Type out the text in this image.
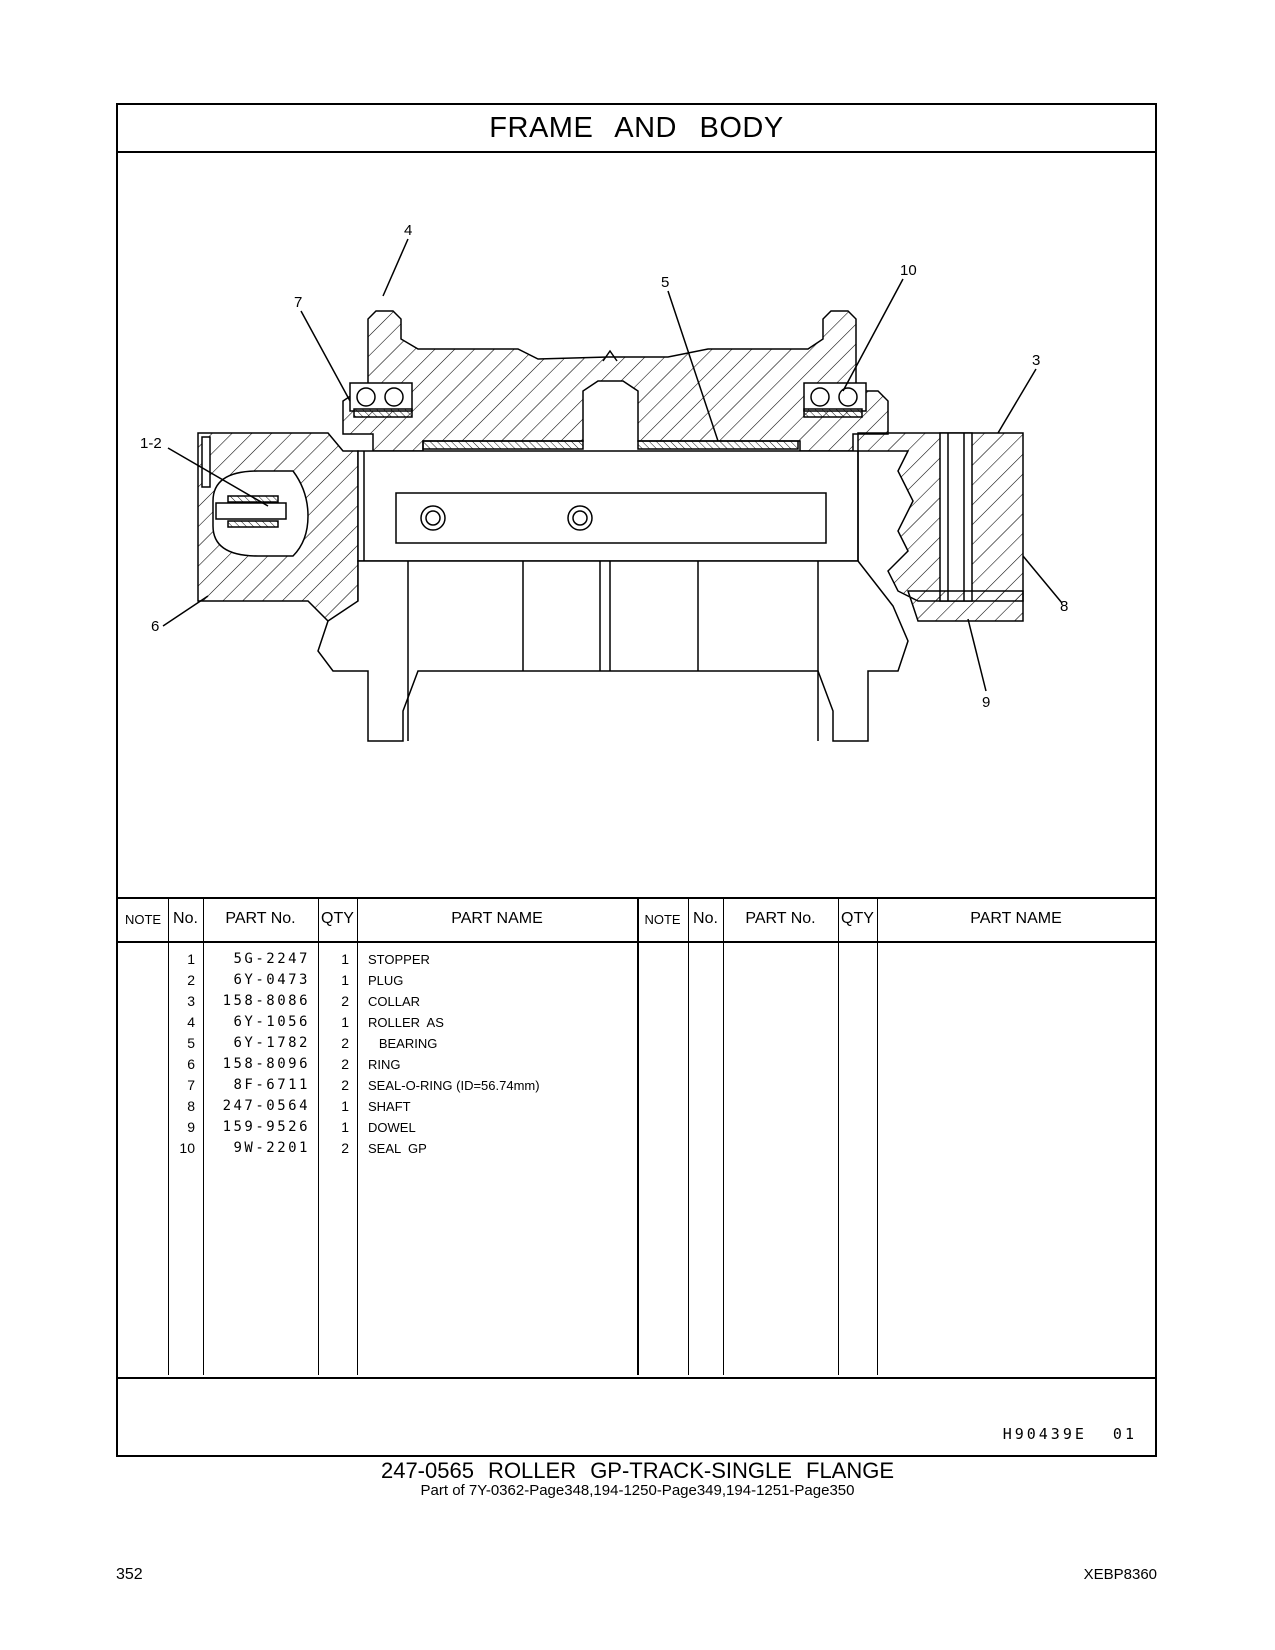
FRAME AND BODY
4
5
7
10
3
1-2
6
8
9
NOTE No.	PART No.	QTY	PART NAME	NOTE No.	PART No.	QTY	PART NAME
1	5G-2247	1 STOPPER
2	6Y-0473	1 PLUG
3	158-8086	2 COLLAR
4	6Y-1056	1 ROLLER  AS
5	6Y-1782	2 BEARING
6	158-8096	2 RING
7	8F-6711	2 SEAL-O-RING (ID=56.74mm)
8	247-0564	1 SHAFT
9	159-9526	1 DOWEL
10	9W-2201	2 SEAL  GP
H90439E 01
247-0565 ROLLER GP-TRACK-SINGLE FLANGE
Part of 7Y-0362-Page348,194-1250-Page349,194-1251-Page350
352	XEBP8360
